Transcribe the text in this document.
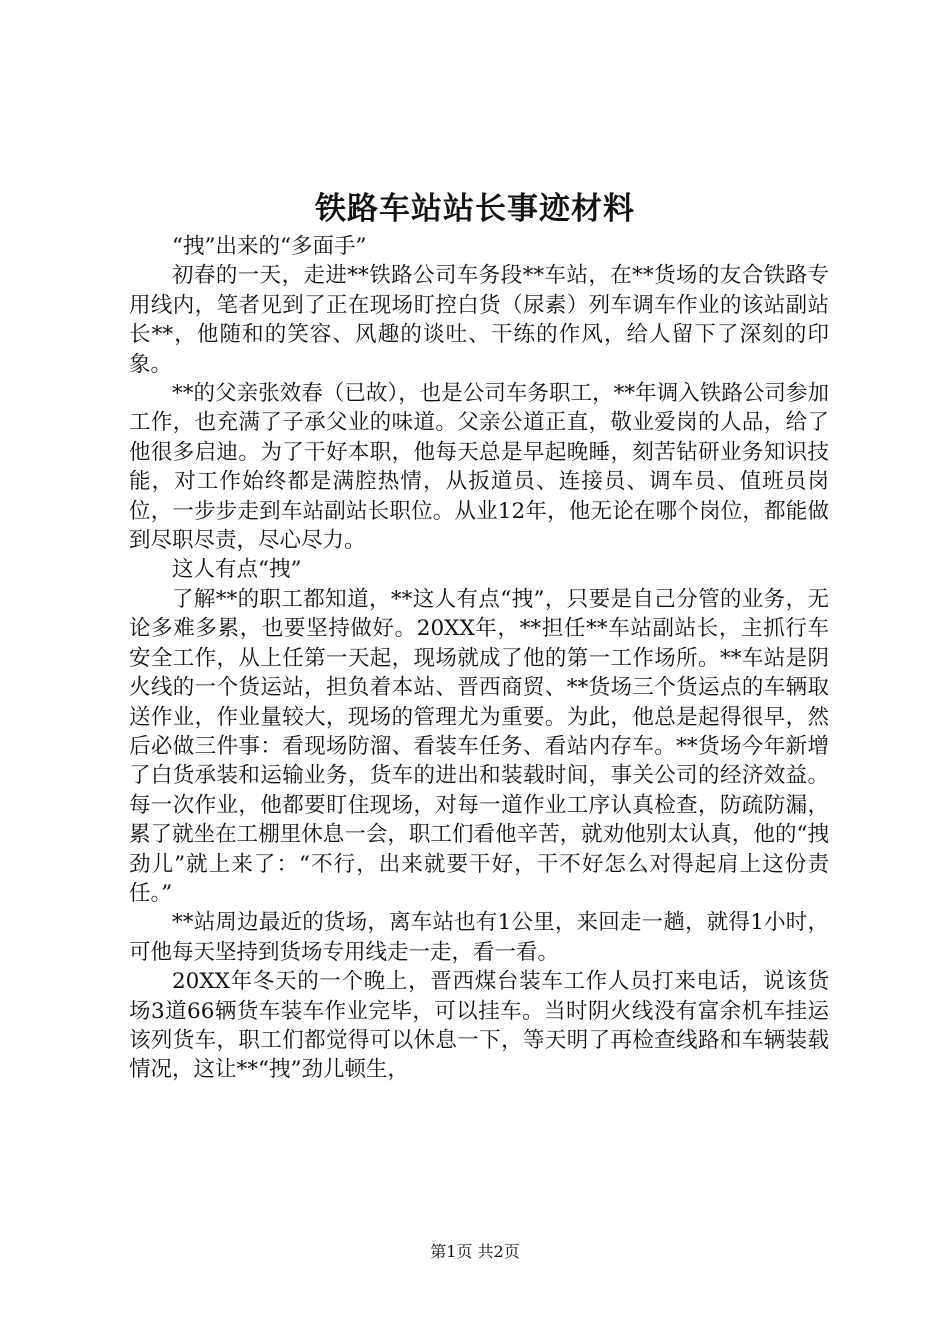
铁路车站站长事迹材料

“拽”出来的“多面手”

初春的一天，走进**铁路公司车务段**车站，在**货场的友合铁路专用线内，笔者见到了正在现场盯控白货（尿素）列车调车作业的该站副站长**，他随和的笑容、风趣的谈吐、干练的作风，给人留下了深刻的印象。

**的父亲张效春（已故），也是公司车务职工，**年调入铁路公司参加工作，也充满了子承父业的味道。父亲公道正直，敬业爱岗的人品，给了他很多启迪。为了干好本职，他每天总是早起晚睡，刻苦钻研业务知识技能，对工作始终都是满腔热情，从扳道员、连接员、调车员、值班员岗位，一步步走到车站副站长职位。从业12年，他无论在哪个岗位，都能做到尽职尽责，尽心尽力。

这人有点“拽”

了解**的职工都知道，**这人有点“拽”，只要是自己分管的业务，无论多难多累，也要坚持做好。20XX年，**担任**车站副站长，主抓行车安全工作，从上任第一天起，现场就成了他的第一工作场所。**车站是阴火线的一个货运站，担负着本站、晋西商贸、**货场三个货运点的车辆取送作业，作业量较大，现场的管理尤为重要。为此，他总是起得很早，然后必做三件事：看现场防溜、看装车任务、看站内存车。**货场今年新增了白货承装和运输业务，货车的进出和装载时间，事关公司的经济效益。每一次作业，他都要盯住现场，对每一道作业工序认真检查，防疏防漏，累了就坐在工棚里休息一会，职工们看他辛苦，就劝他别太认真，他的“拽劲儿”就上来了：“不行，出来就要干好，干不好怎么对得起肩上这份责任。”

**站周边最近的货场，离车站也有1公里，来回走一趟，就得1小时，可他每天坚持到货场专用线走一走，看一看。

20XX年冬天的一个晚上，晋西煤台装车工作人员打来电话，说该货场3道66辆货车装车作业完毕，可以挂车。当时阴火线没有富余机车挂运该列货车，职工们都觉得可以休息一下，等天明了再检查线路和车辆装载情况，这让**“拽”劲儿顿生，

第1页 共2页
